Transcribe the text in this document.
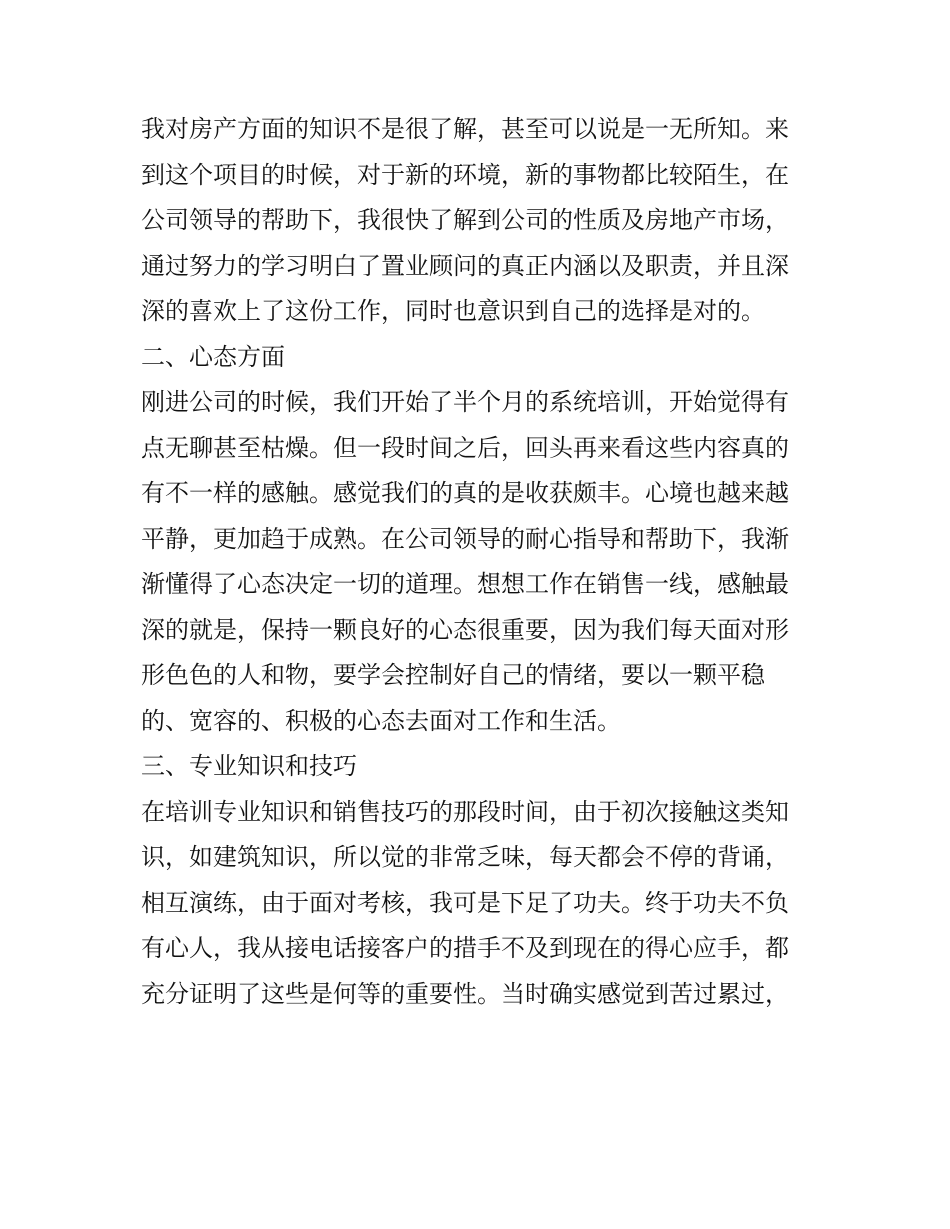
我对房产方面的知识不是很了解，甚至可以说是一无所知。来
到这个项目的时候，对于新的环境，新的事物都比较陌生，在
公司领导的帮助下，我很快了解到公司的性质及房地产市场，
通过努力的学习明白了置业顾问的真正内涵以及职责，并且深
深的喜欢上了这份工作，同时也意识到自己的选择是对的。
二、心态方面
刚进公司的时候，我们开始了半个月的系统培训，开始觉得有
点无聊甚至枯燥。但一段时间之后，回头再来看这些内容真的
有不一样的感触。感觉我们的真的是收获颇丰。心境也越来越
平静，更加趋于成熟。在公司领导的耐心指导和帮助下，我渐
渐懂得了心态决定一切的道理。想想工作在销售一线，感触最
深的就是，保持一颗良好的心态很重要，因为我们每天面对形
形色色的人和物，要学会控制好自己的情绪，要以一颗平稳
的、宽容的、积极的心态去面对工作和生活。
三、专业知识和技巧
在培训专业知识和销售技巧的那段时间，由于初次接触这类知
识，如建筑知识，所以觉的非常乏味，每天都会不停的背诵，
相互演练，由于面对考核，我可是下足了功夫。终于功夫不负
有心人，我从接电话接客户的措手不及到现在的得心应手，都
充分证明了这些是何等的重要性。当时确实感觉到苦过累过，
